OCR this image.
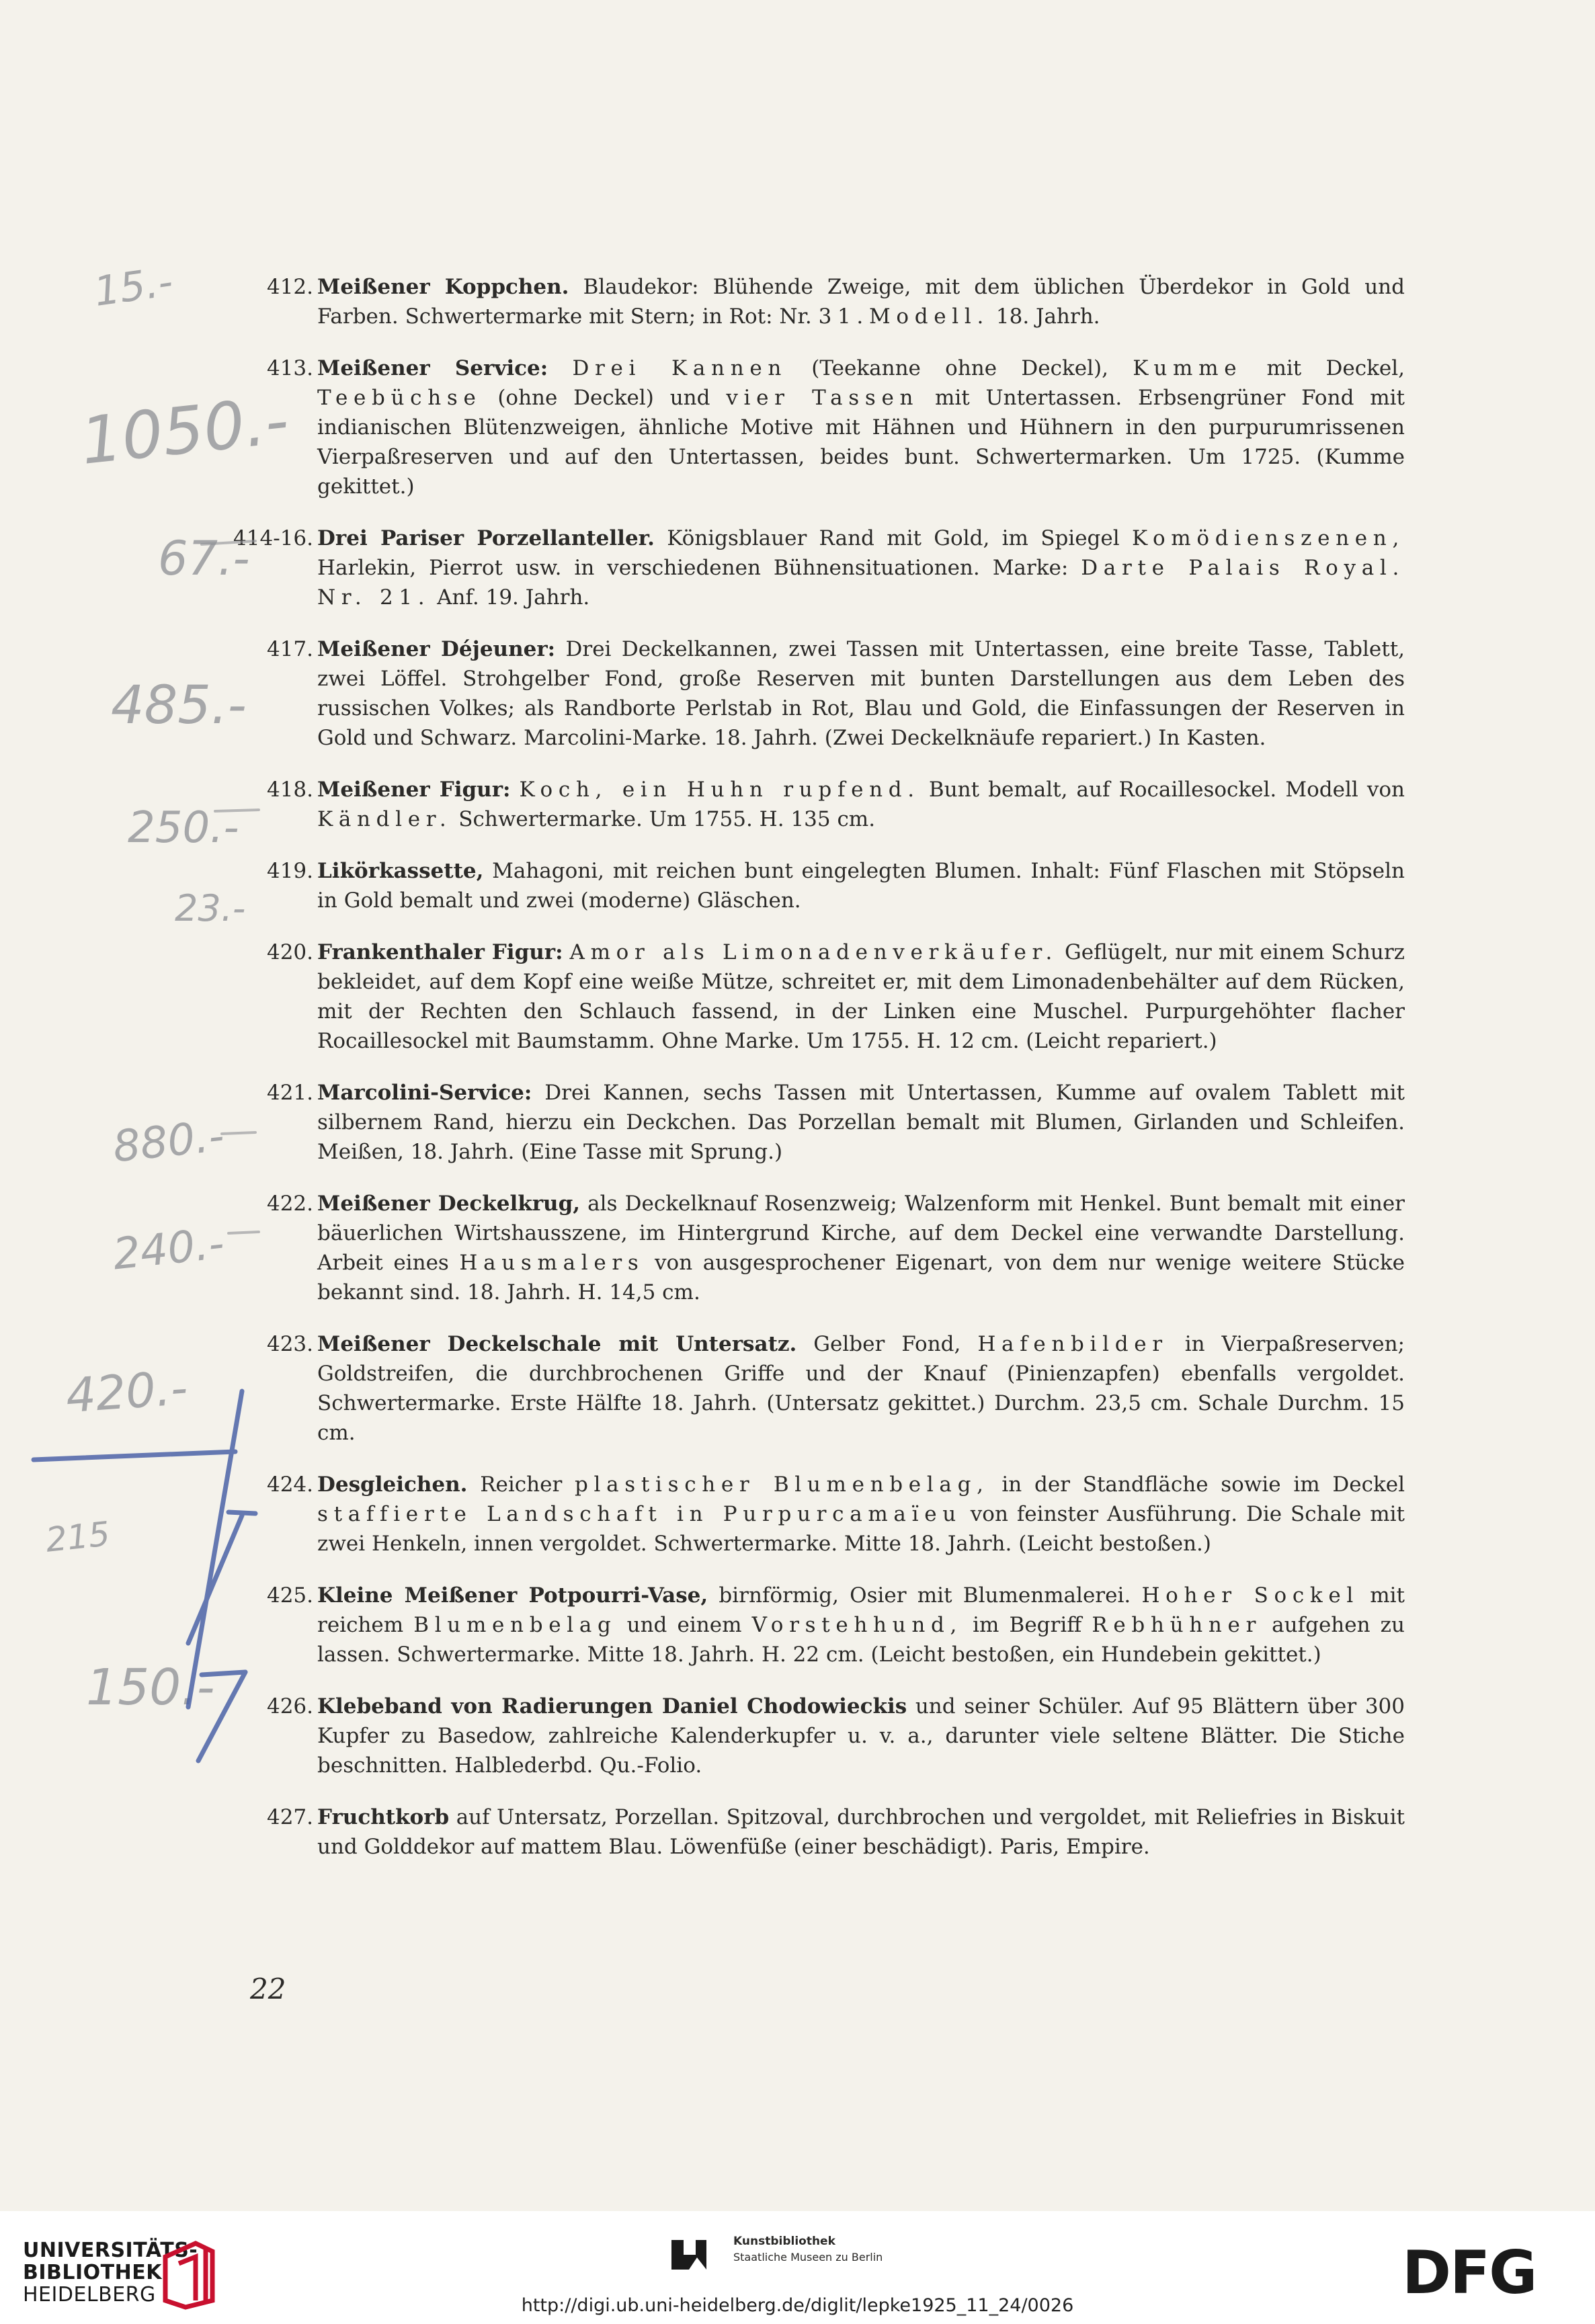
412. Meißener Koppchen. Blaudekor: Blühende Zweige, mit dem üblichen Überdekor in Gold und Farben. Schwertermarke mit Stern; in Rot: Nr. 31.Modell. 18. Jahrh.
413. Meißener Service: Drei Kannen (Teekanne ohne Deckel), Kumme mit Deckel, Teebüchse (ohne Deckel) und vier Tassen mit Untertassen. Erbsengrüner Fond mit indianischen Blütenzweigen, ähnliche Motive mit Hähnen und Hühnern in den purpurumrissenen Vierpaßreserven und auf den Untertassen, beides bunt. Schwertermarken. Um 1725. (Kumme gekittet.)
414-16. Drei Pariser Porzellanteller. Königsblauer Rand mit Gold, im Spiegel Komödienszenen, Harlekin, Pierrot usw. in verschiedenen Bühnensituationen. Marke: Darte Palais Royal. Nr. 21. Anf. 19. Jahrh.
417. Meißener Déjeuner: Drei Deckelkannen, zwei Tassen mit Untertassen, eine breite Tasse, Tablett, zwei Löffel. Strohgelber Fond, große Reserven mit bunten Darstellungen aus dem Leben des russischen Volkes; als Randborte Perlstab in Rot, Blau und Gold, die Einfassungen der Reserven in Gold und Schwarz. Marcolini-Marke. 18. Jahrh. (Zwei Deckelknäufe repariert.) In Kasten.
418. Meißener Figur: Koch, ein Huhn rupfend. Bunt bemalt, auf Rocaillesockel. Modell von Kändler. Schwertermarke. Um 1755. H. 135 cm.
419. Likörkassette, Mahagoni, mit reichen bunt eingelegten Blumen. Inhalt: Fünf Flaschen mit Stöpseln in Gold bemalt und zwei (moderne) Gläschen.
420. Frankenthaler Figur: Amor als Limonadenverkäufer. Geflügelt, nur mit einem Schurz bekleidet, auf dem Kopf eine weiße Mütze, schreitet er, mit dem Limonadenbehälter auf dem Rücken, mit der Rechten den Schlauch fassend, in der Linken eine Muschel. Purpurgehöhter flacher Rocaillesockel mit Baumstamm. Ohne Marke. Um 1755. H. 12 cm. (Leicht repariert.)
421. Marcolini-Service: Drei Kannen, sechs Tassen mit Untertassen, Kumme auf ovalem Tablett mit silbernem Rand, hierzu ein Deckchen. Das Porzellan bemalt mit Blumen, Girlanden und Schleifen. Meißen, 18. Jahrh. (Eine Tasse mit Sprung.)
422. Meißener Deckelkrug, als Deckelknauf Rosenzweig; Walzenform mit Henkel. Bunt bemalt mit einer bäuerlichen Wirtshausszene, im Hintergrund Kirche, auf dem Deckel eine verwandte Darstellung. Arbeit eines Hausmalers von ausgesprochener Eigenart, von dem nur wenige weitere Stücke bekannt sind. 18. Jahrh. H. 14,5 cm.
423. Meißener Deckelschale mit Untersatz. Gelber Fond, Hafenbilder in Vierpaßreserven; Goldstreifen, die durchbrochenen Griffe und der Knauf (Pinienzapfen) ebenfalls vergoldet. Schwertermarke. Erste Hälfte 18. Jahrh. (Untersatz gekittet.) Durchm. 23,5 cm. Schale Durchm. 15 cm.
424. Desgleichen. Reicher plastischer Blumenbelag, in der Standfläche sowie im Deckel staffierte Landschaft in Purpurcamaïeu von feinster Ausführung. Die Schale mit zwei Henkeln, innen vergoldet. Schwertermarke. Mitte 18. Jahrh. (Leicht bestoßen.)
425. Kleine Meißener Potpourri-Vase, birnförmig, Osier mit Blumenmalerei. Hoher Sockel mit reichem Blumenbelag und einem Vorstehhund, im Begriff Rebhühner aufgehen zu lassen. Schwertermarke. Mitte 18. Jahrh. H. 22 cm. (Leicht bestoßen, ein Hundebein gekittet.)
426. Klebeband von Radierungen Daniel Chodowieckis und seiner Schüler. Auf 95 Blättern über 300 Kupfer zu Basedow, zahlreiche Kalenderkupfer u. v. a., darunter viele seltene Blätter. Die Stiche beschnitten. Halblederbd. Qu.-Folio.
427. Fruchtkorb auf Untersatz, Porzellan. Spitzoval, durchbrochen und vergoldet, mit Reliefries in Biskuit und Golddekor auf mattem Blau. Löwenfüße (einer beschädigt). Paris, Empire.
22
15.-
1050.-
67.-
485.-
250.-
23.-
880.-
240.-
420.-
215
150.-
UNIVERSITÄTS-
BIBLIOTHEK
HEIDELBERG
Kunstbibliothek
Staatliche Museen zu Berlin	DFG
http://digi.ub.uni-heidelberg.de/diglit/lepke1925_11_24/0026
